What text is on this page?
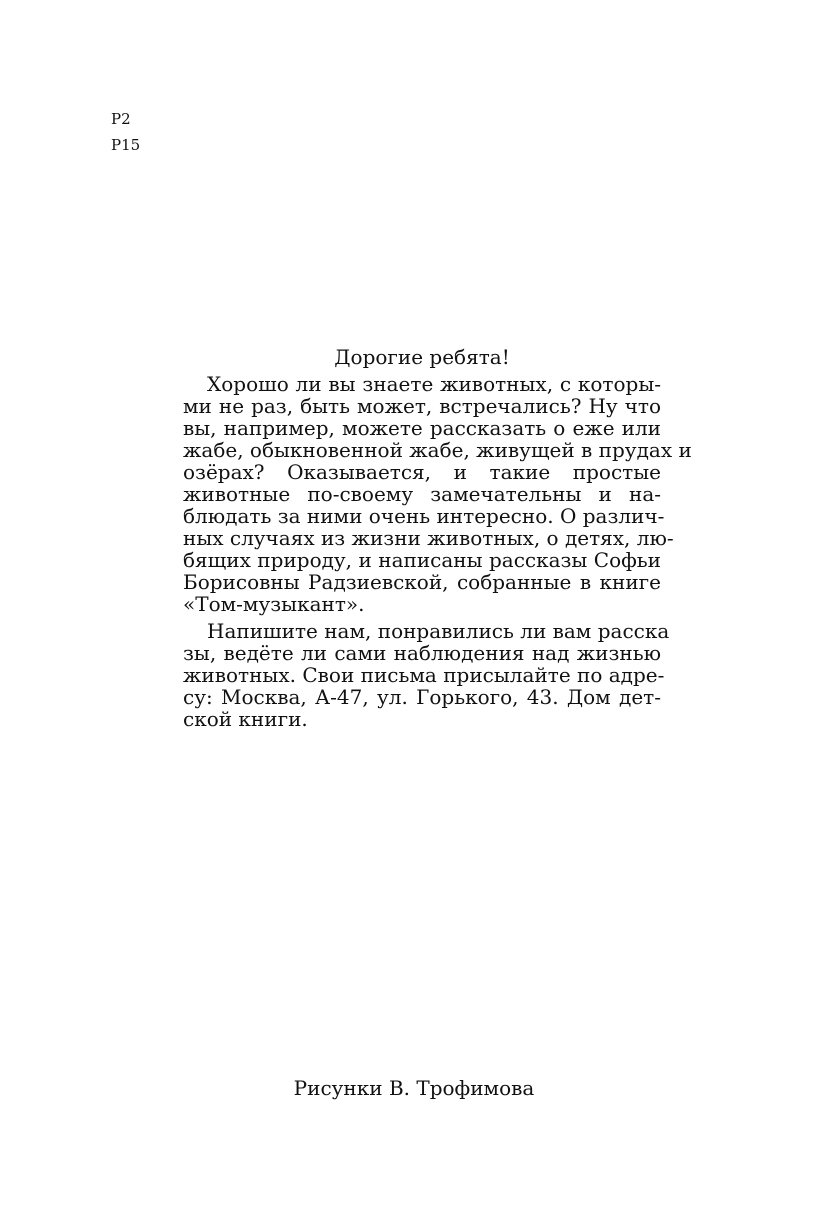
Р2
Р15
Дорогие ребята!

Хорошо ли вы знаете животных, с которы-
ми не раз, быть может, встречались? Ну что
вы, например, можете рассказать о еже или
жабе, обыкновенной жабе, живущей в прудах и
озёрах? Оказывается, и такие простые
животные по-своему замечательны и на-
блюдать за ними очень интересно. О различ-
ных случаях из жизни животных, о детях, лю-
бящих природу, и написаны рассказы Софьи
Борисовны Радзиевской, собранные в книге
«Том-музыкант».

Напишите нам, понравились ли вам расска
зы, ведёте ли сами наблюдения над жизнью
животных. Свои письма присылайте по адре-
су: Москва, А-47, ул. Горького, 43. Дом дет-
ской книги.

Рисунки В. Трофимова
